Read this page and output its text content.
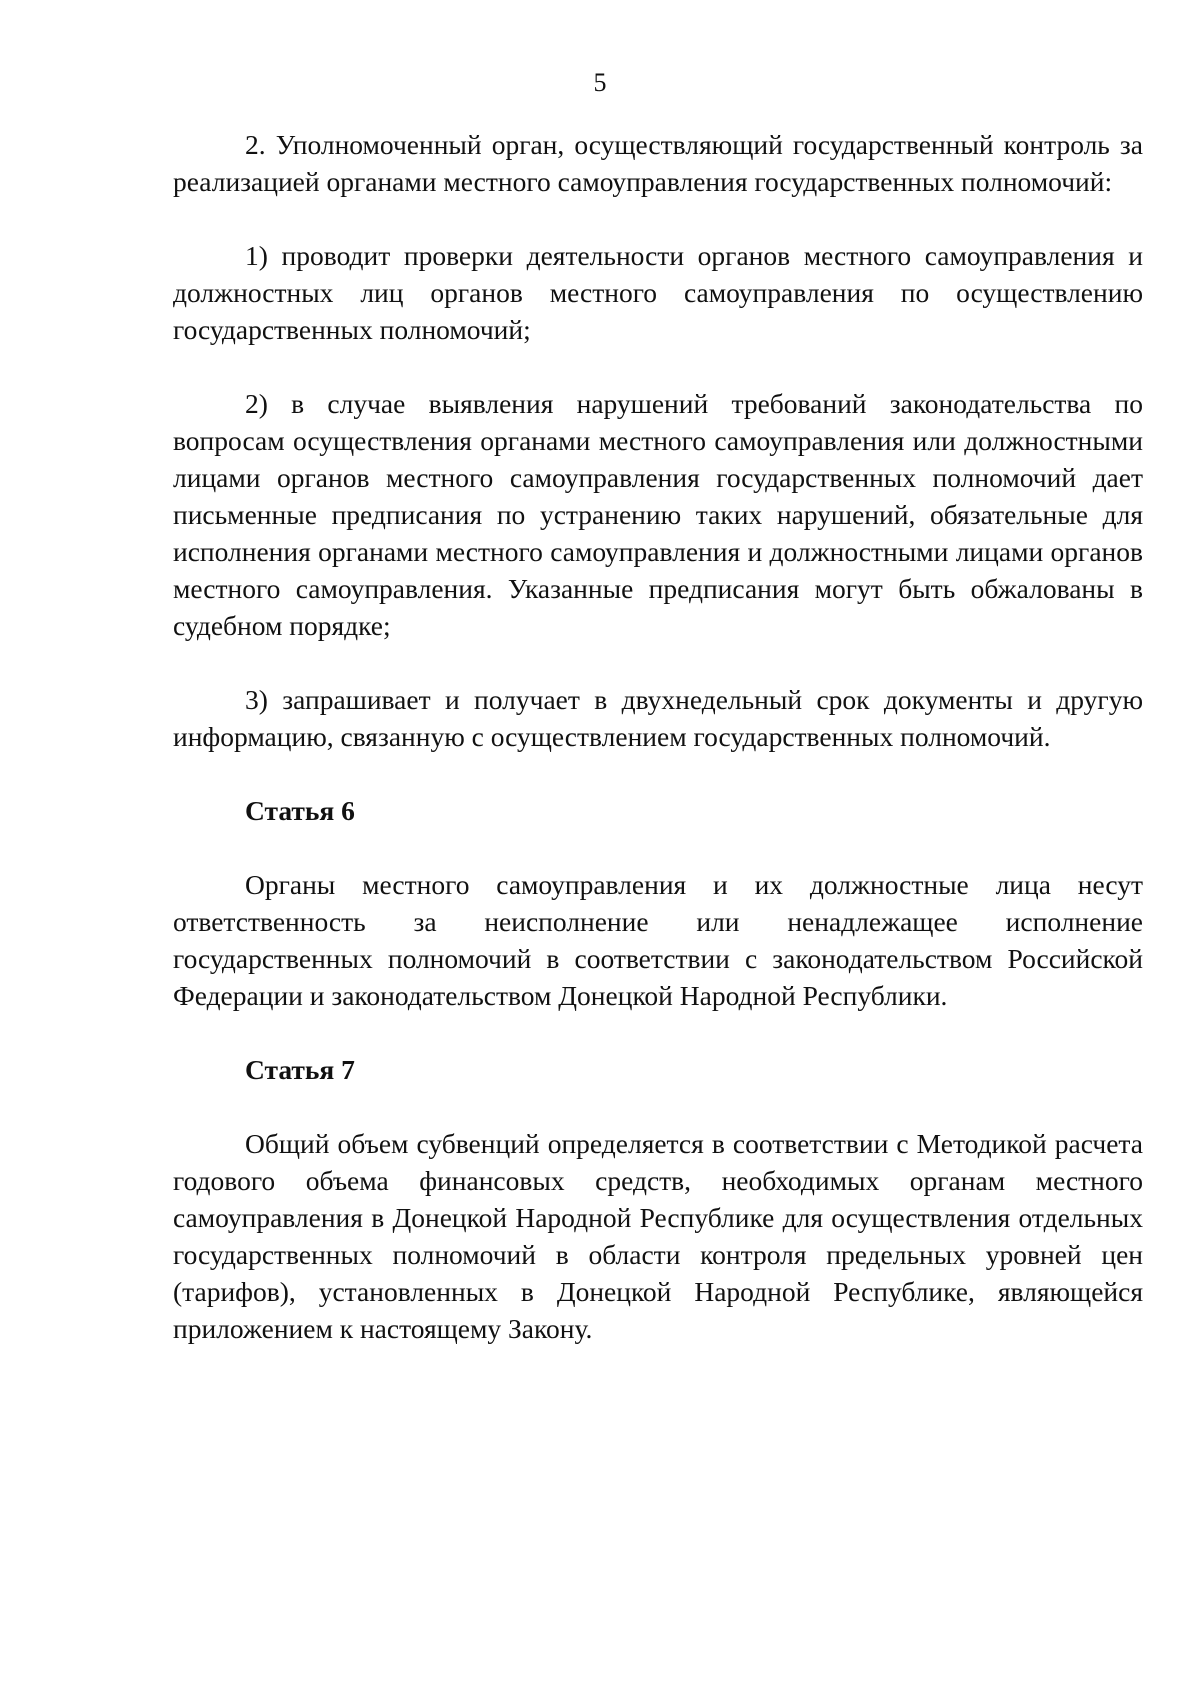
5

2. Уполномоченный орган, осуществляющий государственный контроль за реализацией органами местного самоуправления государственных полномочий:

1) проводит проверки деятельности органов местного самоуправления и должностных лиц органов местного самоуправления по осуществлению государственных полномочий;

2) в случае выявления нарушений требований законодательства по вопросам осуществления органами местного самоуправления или должностными лицами органов местного самоуправления государственных полномочий дает письменные предписания по устранению таких нарушений, обязательные для исполнения органами местного самоуправления и должностными лицами органов местного самоуправления. Указанные предписания могут быть обжалованы в судебном порядке;

3) запрашивает и получает в двухнедельный срок документы и другую информацию, связанную с осуществлением государственных полномочий.

Статья 6

Органы местного самоуправления и их должностные лица несут ответственность за неисполнение или ненадлежащее исполнение государственных полномочий в соответствии с законодательством Российской Федерации и законодательством Донецкой Народной Республики.

Статья 7

Общий объем субвенций определяется в соответствии с Методикой расчета годового объема финансовых средств, необходимых органам местного самоуправления в Донецкой Народной Республике для осуществления отдельных государственных полномочий в области контроля предельных уровней цен (тарифов), установленных в Донецкой Народной Республике, являющейся приложением к настоящему Закону.
